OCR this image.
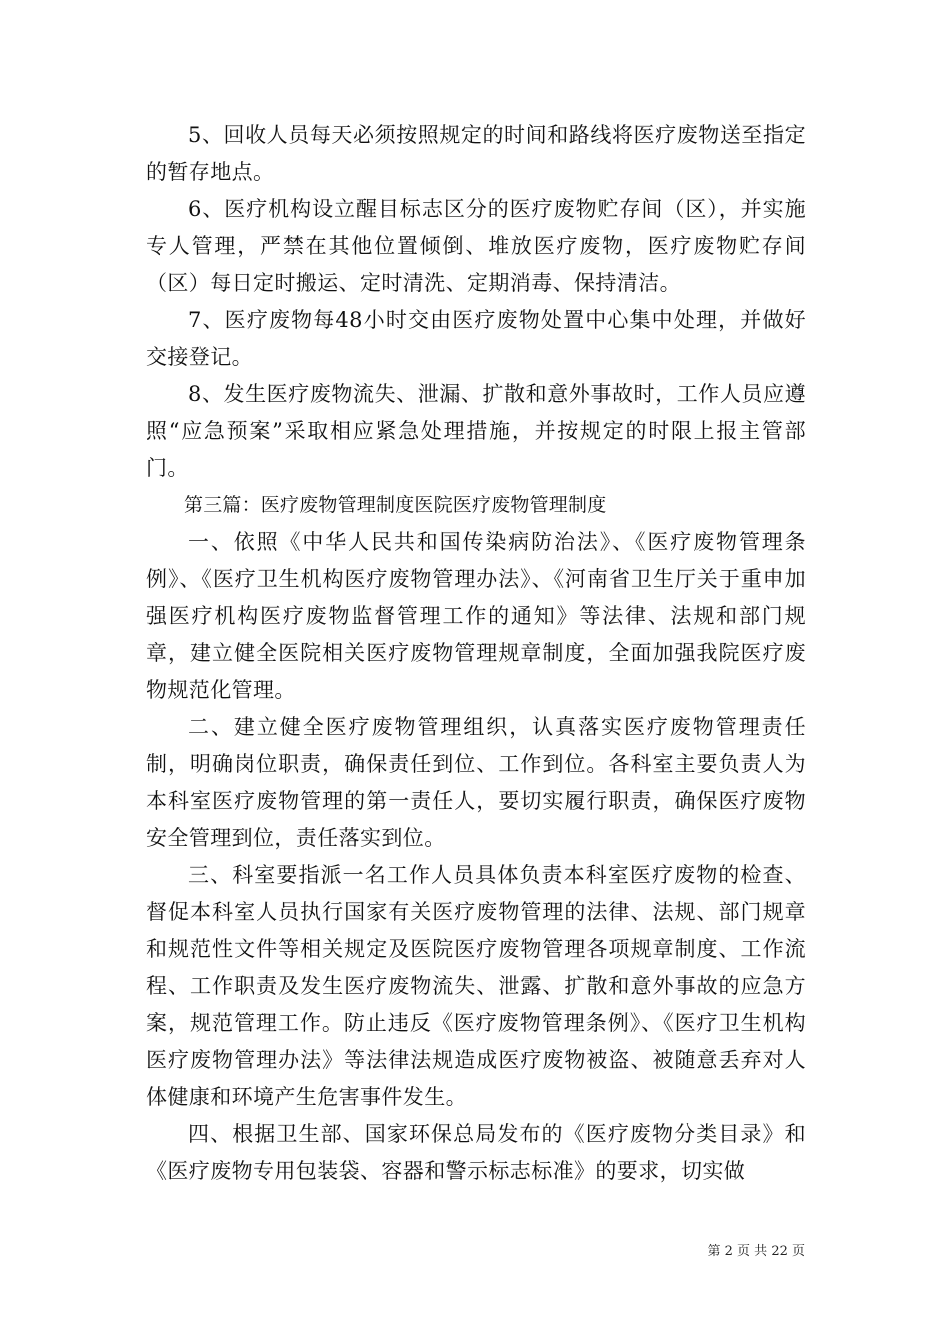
5、回收人员每天必须按照规定的时间和路线将医疗废物送至指定的暂存地点。

6、医疗机构设立醒目标志区分的医疗废物贮存间（区），并实施专人管理，严禁在其他位置倾倒、堆放医疗废物，医疗废物贮存间（区）每日定时搬运、定时清洗、定期消毒、保持清洁。

7、医疗废物每48小时交由医疗废物处置中心集中处理，并做好交接登记。

8、发生医疗废物流失、泄漏、扩散和意外事故时，工作人员应遵照“应急预案”采取相应紧急处理措施，并按规定的时限上报主管部门。

第三篇：医疗废物管理制度医院医疗废物管理制度

一、依照《中华人民共和国传染病防治法》、《医疗废物管理条例》、《医疗卫生机构医疗废物管理办法》、《河南省卫生厅关于重申加强医疗机构医疗废物监督管理工作的通知》等法律、法规和部门规章，建立健全医院相关医疗废物管理规章制度，全面加强我院医疗废物规范化管理。

二、建立健全医疗废物管理组织，认真落实医疗废物管理责任制，明确岗位职责，确保责任到位、工作到位。各科室主要负责人为本科室医疗废物管理的第一责任人，要切实履行职责，确保医疗废物安全管理到位，责任落实到位。

三、科室要指派一名工作人员具体负责本科室医疗废物的检查、督促本科室人员执行国家有关医疗废物管理的法律、法规、部门规章和规范性文件等相关规定及医院医疗废物管理各项规章制度、工作流程、工作职责及发生医疗废物流失、泄露、扩散和意外事故的应急方案，规范管理工作。防止违反《医疗废物管理条例》、《医疗卫生机构医疗废物管理办法》等法律法规造成医疗废物被盗、被随意丢弃对人体健康和环境产生危害事件发生。

四、根据卫生部、国家环保总局发布的《医疗废物分类目录》和《医疗废物专用包装袋、容器和警示标志标准》的要求，切实做

第 2 页 共 22 页
